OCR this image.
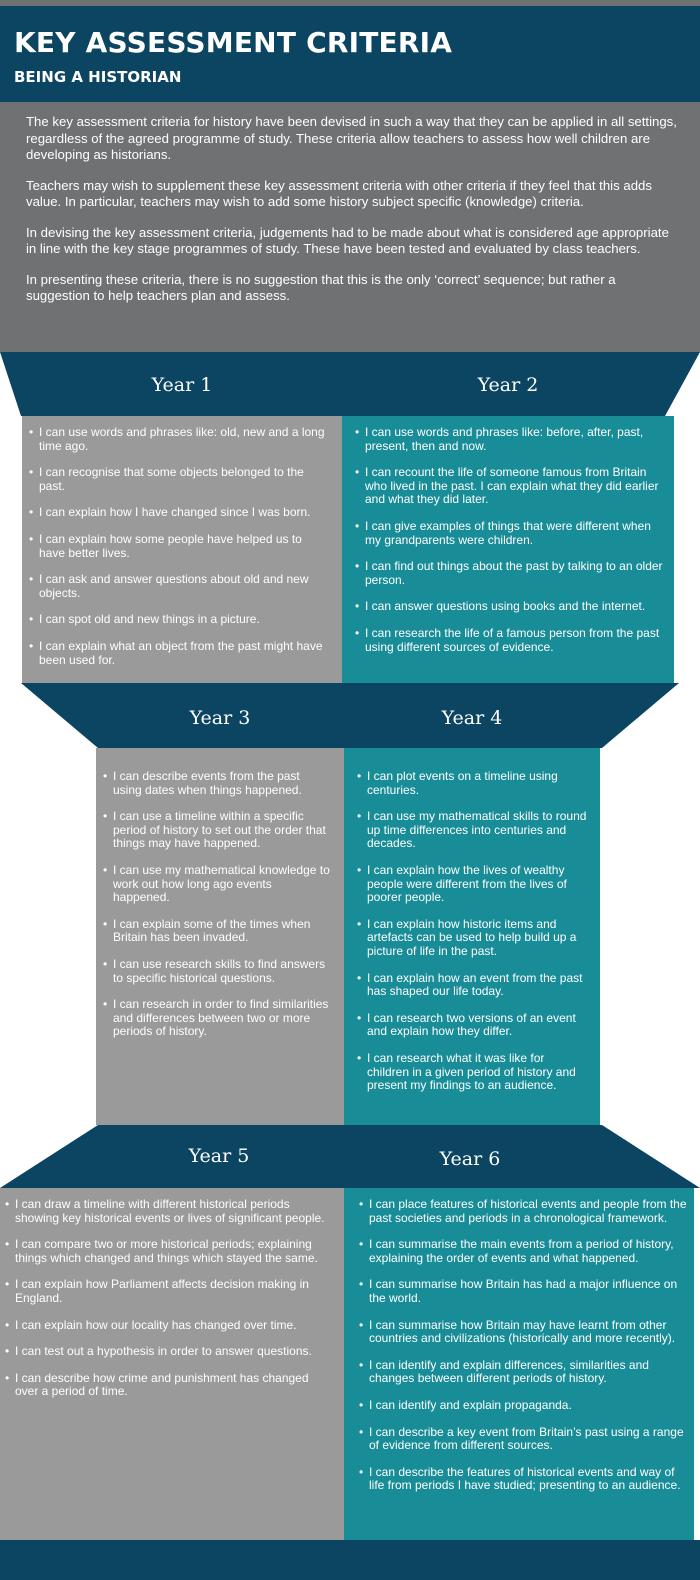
KEY ASSESSMENT CRITERIA
BEING A HISTORIAN

The key assessment criteria for history have been devised in such a way that they can be applied in all settings, regardless of the agreed programme of study. These criteria allow teachers to assess how well children are developing as historians.

Teachers may wish to supplement these key assessment criteria with other criteria if they feel that this adds value. In particular, teachers may wish to add some history subject specific (knowledge) criteria.

In devising the key assessment criteria, judgements had to be made about what is considered age appropriate in line with the key stage programmes of study. These have been tested and evaluated by class teachers.

In presenting these criteria, there is no suggestion that this is the only ‘correct’ sequence; but rather a suggestion to help teachers plan and assess.

Year 1	Year 2
• I can use words and phrases like: old, new and a long time ago.
• I can recognise that some objects belonged to the past.
• I can explain how I have changed since I was born.
• I can explain how some people have helped us to have better lives.
• I can ask and answer questions about old and new objects.
• I can spot old and new things in a picture.
• I can explain what an object from the past might have been used for.
• I can use words and phrases like: before, after, past, present, then and now.
• I can recount the life of someone famous from Britain who lived in the past. I can explain what they did earlier and what they did later.
• I can give examples of things that were different when my grandparents were children.
• I can find out things about the past by talking to an older person.
• I can answer questions using books and the internet.
• I can research the life of a famous person from the past using different sources of evidence.
Year 3	Year 4
• I can describe events from the past using dates when things happened.
• I can use a timeline within a specific period of history to set out the order that things may have happened.
• I can use my mathematical knowledge to work out how long ago events happened.
• I can explain some of the times when Britain has been invaded.
• I can use research skills to find answers to specific historical questions.
• I can research in order to find similarities and differences between two or more periods of history.
• I can plot events on a timeline using centuries.
• I can use my mathematical skills to round up time differences into centuries and decades.
• I can explain how the lives of wealthy people were different from the lives of poorer people.
• I can explain how historic items and artefacts can be used to help build up a picture of life in the past.
• I can explain how an event from the past has shaped our life today.
• I can research two versions of an event and explain how they differ.
• I can research what it was like for children in a given period of history and present my findings to an audience.
Year 5	Year 6
• I can draw a timeline with different historical periods showing key historical events or lives of significant people.
• I can compare two or more historical periods; explaining things which changed and things which stayed the same.
• I can explain how Parliament affects decision making in England.
• I can explain how our locality has changed over time.
• I can test out a hypothesis in order to answer questions.
• I can describe how crime and punishment has changed over a period of time.
• I can place features of historical events and people from the past societies and periods in a chronological framework.
• I can summarise the main events from a period of history, explaining the order of events and what happened.
• I can summarise how Britain has had a major influence on the world.
• I can summarise how Britain may have learnt from other countries and civilizations (historically and more recently).
• I can identify and explain differences, similarities and changes between different periods of history.
• I can identify and explain propaganda.
• I can describe a key event from Britain’s past using a range of evidence from different sources.
• I can describe the features of historical events and way of life from periods I have studied; presenting to an audience.
